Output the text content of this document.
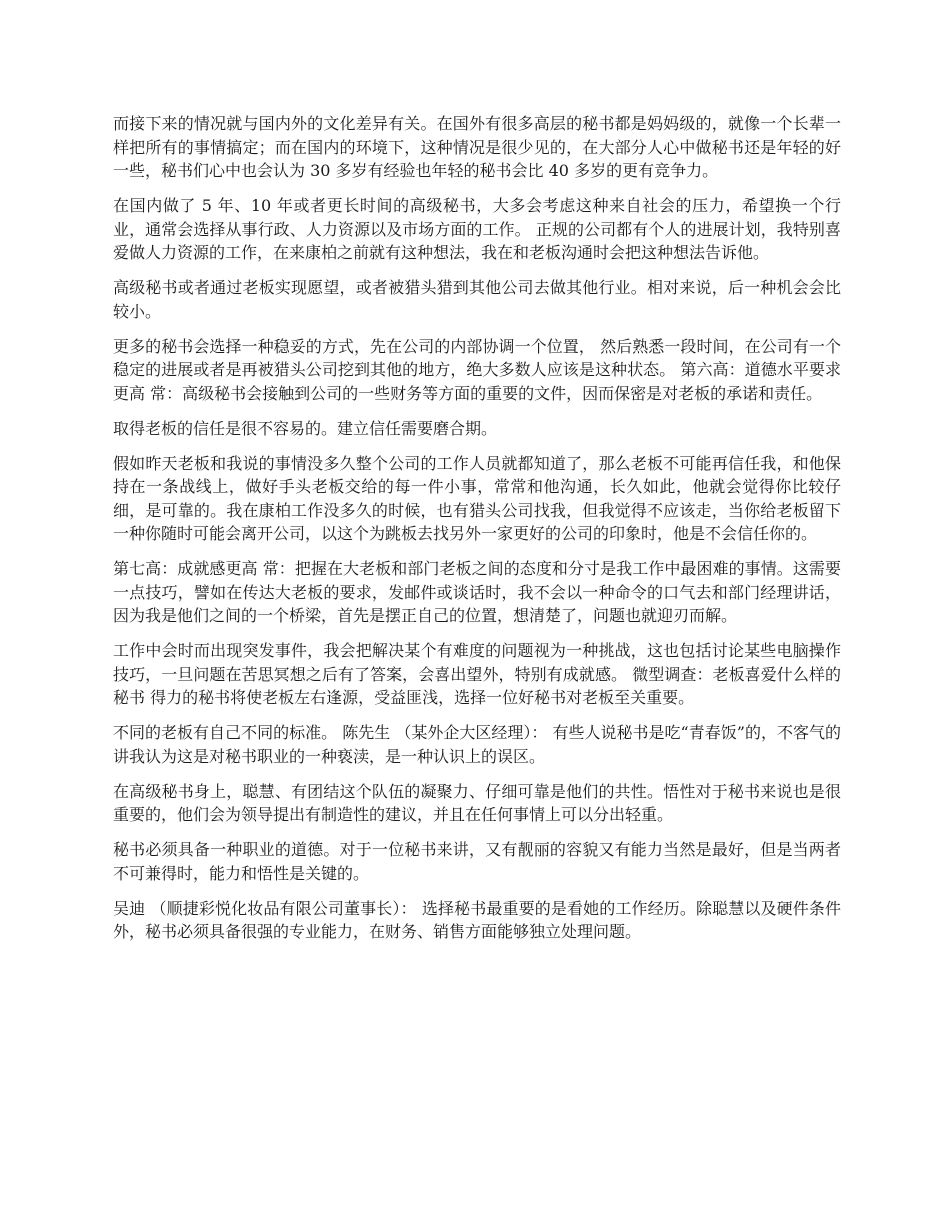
而接下来的情况就与国内外的文化差异有关。在国外有很多高层的秘书都是妈妈级的，就像一个长辈一样把所有的事情搞定；而在国内的环境下，这种情况是很少见的，在大部分人心中做秘书还是年轻的好一些，秘书们心中也会认为 30 多岁有经验也年轻的秘书会比 40 多岁的更有竞争力。

在国内做了 5 年、10 年或者更长时间的高级秘书，大多会考虑这种来自社会的压力，希望换一个行业，通常会选择从事行政、人力资源以及市场方面的工作。 正规的公司都有个人的进展计划，我特别喜爱做人力资源的工作，在来康柏之前就有这种想法，我在和老板沟通时会把这种想法告诉他。

高级秘书或者通过老板实现愿望，或者被猎头猎到其他公司去做其他行业。相对来说，后一种机会会比较小。

更多的秘书会选择一种稳妥的方式，先在公司的内部协调一个位置， 然后熟悉一段时间，在公司有一个稳定的进展或者是再被猎头公司挖到其他的地方，绝大多数人应该是这种状态。 第六高：道德水平要求更高 常：高级秘书会接触到公司的一些财务等方面的重要的文件，因而保密是对老板的承诺和责任。

取得老板的信任是很不容易的。建立信任需要磨合期。

假如昨天老板和我说的事情没多久整个公司的工作人员就都知道了，那么老板不可能再信任我，和他保持在一条战线上，做好手头老板交给的每一件小事，常常和他沟通，长久如此，他就会觉得你比较仔细，是可靠的。我在康柏工作没多久的时候，也有猎头公司找我，但我觉得不应该走，当你给老板留下一种你随时可能会离开公司，以这个为跳板去找另外一家更好的公司的印象时，他是不会信任你的。

第七高：成就感更高 常：把握在大老板和部门老板之间的态度和分寸是我工作中最困难的事情。这需要一点技巧，譬如在传达大老板的要求，发邮件或谈话时，我不会以一种命令的口气去和部门经理讲话，因为我是他们之间的一个桥梁，首先是摆正自己的位置，想清楚了，问题也就迎刃而解。

工作中会时而出现突发事件，我会把解决某个有难度的问题视为一种挑战，这也包括讨论某些电脑操作技巧，一旦问题在苦思冥想之后有了答案，会喜出望外，特别有成就感。 微型调查：老板喜爱什么样的秘书 得力的秘书将使老板左右逢源，受益匪浅，选择一位好秘书对老板至关重要。

不同的老板有自己不同的标准。 陈先生 （某外企大区经理）： 有些人说秘书是吃“青春饭”的，不客气的讲我认为这是对秘书职业的一种亵渎，是一种认识上的误区。

在高级秘书身上，聪慧、有团结这个队伍的凝聚力、仔细可靠是他们的共性。悟性对于秘书来说也是很重要的，他们会为领导提出有制造性的建议，并且在任何事情上可以分出轻重。

秘书必须具备一种职业的道德。对于一位秘书来讲，又有靓丽的容貌又有能力当然是最好，但是当两者不可兼得时，能力和悟性是关键的。

吴迪 （顺捷彩悦化妆品有限公司董事长）： 选择秘书最重要的是看她的工作经历。除聪慧以及硬件条件外，秘书必须具备很强的专业能力，在财务、销售方面能够独立处理问题。
